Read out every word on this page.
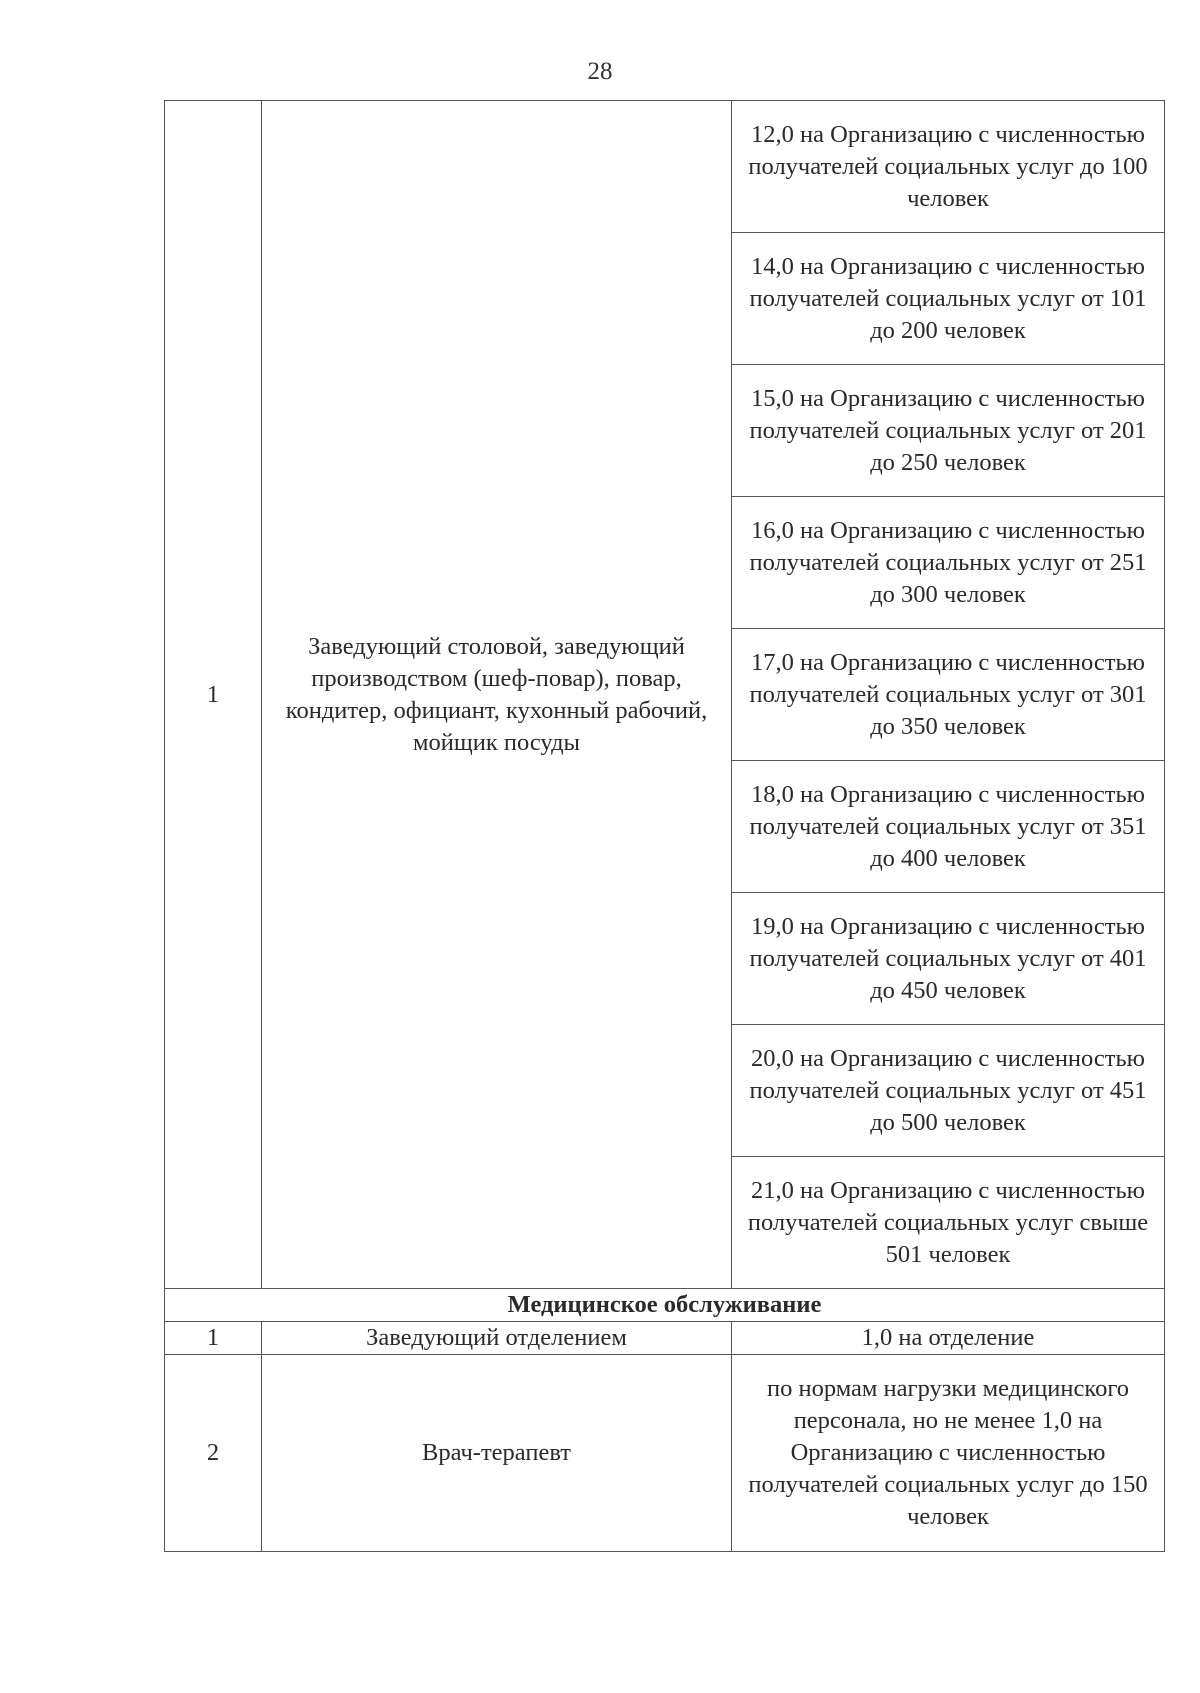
28
1	Заведующий столовой, заведующий производством (шеф-повар), повар, кондитер, официант, кухонный рабочий, мойщик посуды	12,0 на Организацию с численностью получателей социальных услуг до 100 человек
		14,0 на Организацию с численностью получателей социальных услуг от 101 до 200 человек
		15,0 на Организацию с численностью получателей социальных услуг от 201 до 250 человек
		16,0 на Организацию с численностью получателей социальных услуг от 251 до 300 человек
		17,0 на Организацию с численностью получателей социальных услуг от 301 до 350 человек
		18,0 на Организацию с численностью получателей социальных услуг от 351 до 400 человек
		19,0 на Организацию с численностью получателей социальных услуг от 401 до 450 человек
		20,0 на Организацию с численностью получателей социальных услуг от 451 до 500 человек
		21,0 на Организацию с численностью получателей социальных услуг свыше 501 человек
Медицинское обслуживание		
1	Заведующий отделением	1,0 на отделение
2	Врач-терапевт	по нормам нагрузки медицинского персонала, но не менее 1,0 на Организацию с численностью получателей социальных услуг до 150 человек
